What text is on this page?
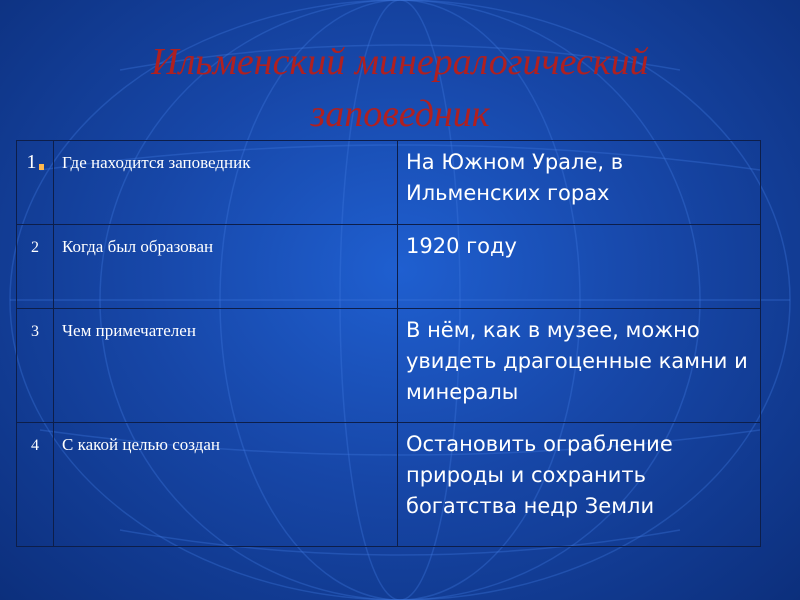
Ильменский минералогический
заповедник
1	Где находится заповедник	На Южном Урале, в Ильменских горах

2	Когда был образован	1920 году

3	Чем примечателен	В нём, как в музее, можно увидеть драгоценные камни и минералы

4	С какой целью создан	Остановить ограбление природы и сохранить богатства недр Земли
